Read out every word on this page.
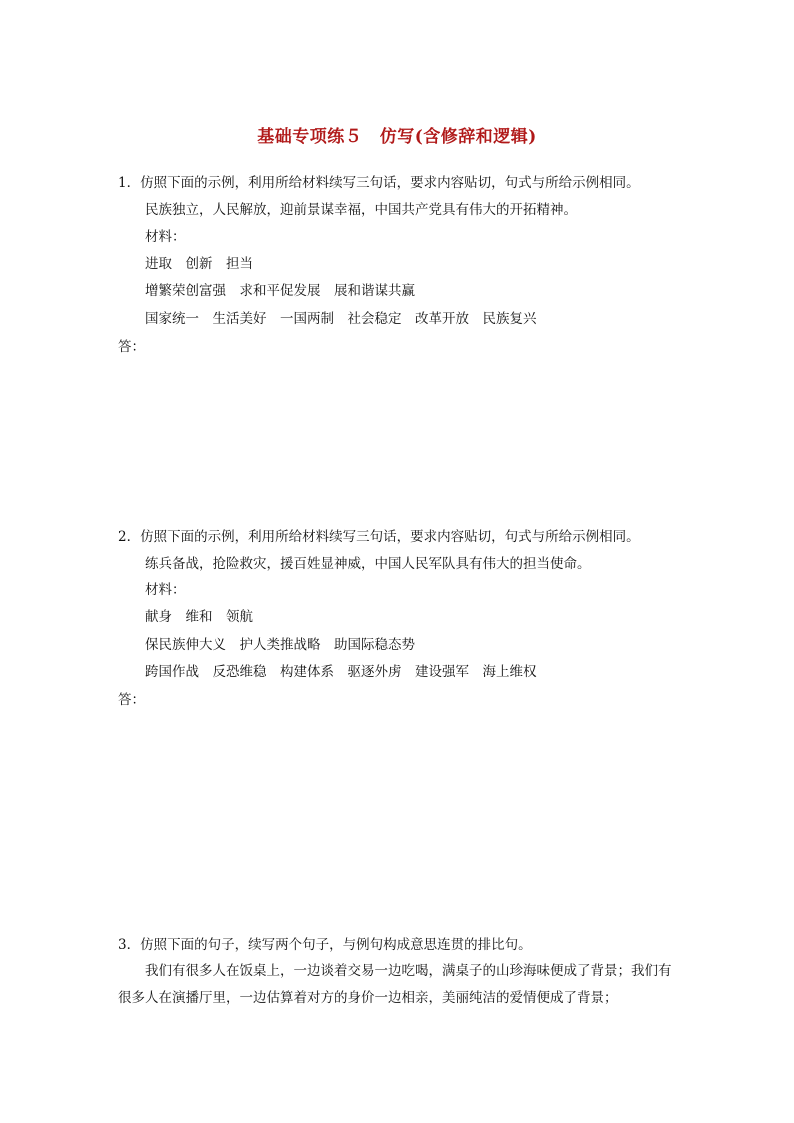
基础专项练５　仿写(含修辞和逻辑)
1．仿照下面的示例，利用所给材料续写三句话，要求内容贴切，句式与所给示例相同。
民族独立，人民解放，迎前景谋幸福，中国共产党具有伟大的开拓精神。
材料：
进取　创新　担当
增繁荣创富强　求和平促发展　展和谐谋共赢
国家统一　生活美好　一国两制　社会稳定　改革开放　民族复兴
答：
2．仿照下面的示例，利用所给材料续写三句话，要求内容贴切，句式与所给示例相同。
练兵备战，抢险救灾，援百姓显神威，中国人民军队具有伟大的担当使命。
材料：
献身　维和　领航
保民族伸大义　护人类推战略　助国际稳态势
跨国作战　反恐维稳　构建体系　驱逐外虏　建设强军　海上维权
答：
3．仿照下面的句子，续写两个句子，与例句构成意思连贯的排比句。
我们有很多人在饭桌上，一边谈着交易一边吃喝，满桌子的山珍海味便成了背景；我们有很多人在演播厅里，一边估算着对方的身价一边相亲，美丽纯洁的爱情便成了背景；
